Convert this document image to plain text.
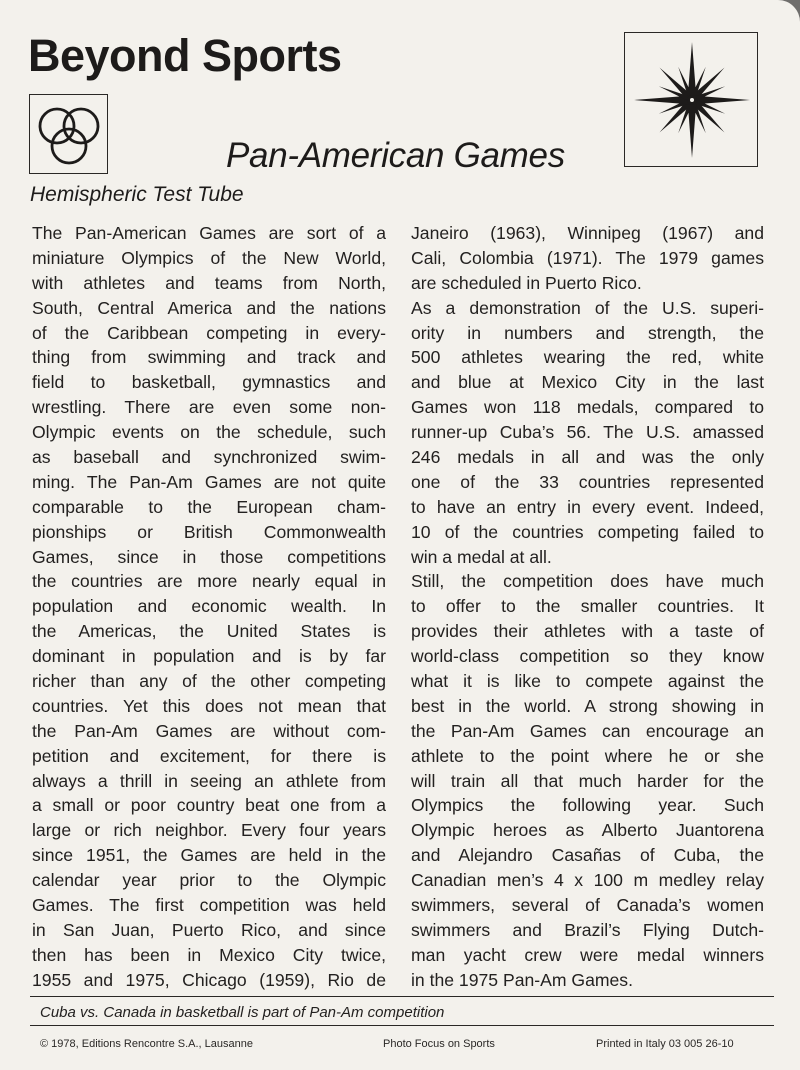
Beyond Sports
Pan-American Games
Hemispheric Test Tube
The Pan-American Games are sort of a
miniature Olympics of the New World,
with athletes and teams from North,
South, Central America and the nations
of the Caribbean competing in every-
thing from swimming and track and
field to basketball, gymnastics and
wrestling. There are even some non-
Olympic events on the schedule, such
as baseball and synchronized swim-
ming. The Pan-Am Games are not quite
comparable to the European cham-
pionships or British Commonwealth
Games, since in those competitions
the countries are more nearly equal in
population and economic wealth. In
the Americas, the United States is
dominant in population and is by far
richer than any of the other competing
countries. Yet this does not mean that
the Pan-Am Games are without com-
petition and excitement, for there is
always a thrill in seeing an athlete from
a small or poor country beat one from a
large or rich neighbor. Every four years
since 1951, the Games are held in the
calendar year prior to the Olympic
Games. The first competition was held
in San Juan, Puerto Rico, and since
then has been in Mexico City twice,
1955 and 1975, Chicago (1959), Rio de
Janeiro (1963), Winnipeg (1967) and
Cali, Colombia (1971). The 1979 games
are scheduled in Puerto Rico.
As a demonstration of the U.S. superi-
ority in numbers and strength, the
500 athletes wearing the red, white
and blue at Mexico City in the last
Games won 118 medals, compared to
runner-up Cuba’s 56. The U.S. amassed
246 medals in all and was the only
one of the 33 countries represented
to have an entry in every event. Indeed,
10 of the countries competing failed to
win a medal at all.
Still, the competition does have much
to offer to the smaller countries. It
provides their athletes with a taste of
world-class competition so they know
what it is like to compete against the
best in the world. A strong showing in
the Pan-Am Games can encourage an
athlete to the point where he or she
will train all that much harder for the
Olympics the following year. Such
Olympic heroes as Alberto Juantorena
and Alejandro Casañas of Cuba, the
Canadian men’s 4 x 100 m medley relay
swimmers, several of Canada’s women
swimmers and Brazil’s Flying Dutch-
man yacht crew were medal winners
in the 1975 Pan-Am Games.
Cuba vs. Canada in basketball is part of Pan-Am competition
© 1978, Editions Rencontre S.A., Lausanne	Photo Focus on Sports	Printed in Italy 03 005 26-10
